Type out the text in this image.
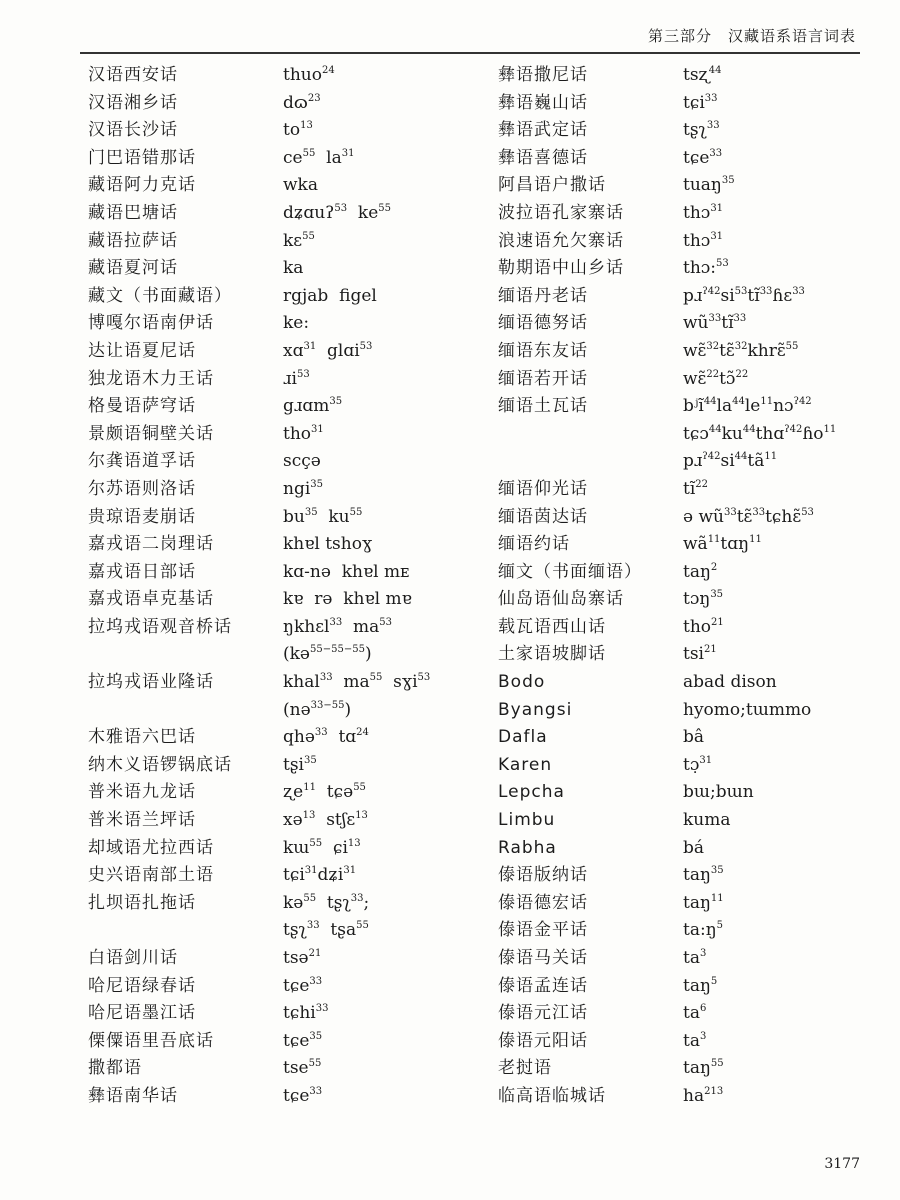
第三部分　汉藏语系语言词表
汉语西安话
汉语湘乡话
汉语长沙话
门巴语错那话
藏语阿力克话
藏语巴塘话
藏语拉萨话
藏语夏河话
藏文（书面藏语）
博嘎尔语南伊话
达让语夏尼话
独龙语木力王话
格曼语萨穹话
景颇语铜壁关话
尔龚语道孚话
尔苏语则洛话
贵琼语麦崩话
嘉戎语二岗理话
嘉戎语日部话
嘉戎语卓克基话
拉坞戎语观音桥话
拉坞戎语业隆话
木雅语六巴话
纳木义语锣锅底话
普米语九龙话
普米语兰坪话
却域语尤拉西话
史兴语南部土语
扎坝语扎拖话
白语剑川话
哈尼语绿春话
哈尼语墨江话
傈僳语里吾底话
撒都语
彝语南华话
thuo$^{24}$
dɷ$^{23}$
$to^{13}$
$ce^{55}$  $la^{31}$
wka
dʑɑuʔ$^{53}$  $ke^{55}$
kɛ$^{55}$
ka
rgjab  figel
ke:
xɑ$^{31}$  glɑi$^{53}$
ɹi$^{53}$
gɹɑm$^{35}$
tho$^{31}$
scçə
ngi$^{35}$
$bu^{35}$  $ku^{55}$
khɐl tshoɣ
kɑ-nə  khɐl mᴇ
kɐ  rə  khɐl mɐ
ŋkhɛl$^{33}$  $ma^{53}$
(kə$^{55-55-55}$)
khal$^{33}$  $ma^{55}$  sɣi$^{53}$
(nə$^{33-55}$)
qhə$^{33}$  tɑ$^{24}$
tʂi$^{35}$
ʐe$^{11}$  tɕə$^{55}$
xə$^{13}$  stʃɛ$^{13}$
kɯ$^{55}$  ɕi$^{13}$
tɕi$^{31}$dʑi$^{31}$
kə$^{55}$  tʂʅ$^{33}$;
tʂʅ$^{33}$  tʂa$^{55}$
tsə$^{21}$
tɕe$^{33}$
tɕhi$^{33}$
tɕe$^{35}$
tse$^{55}$
tɕe$^{33}$
彝语撒尼话
彝语巍山话
彝语武定话
彝语喜德话
阿昌语户撒话
波拉语孔家寨话
浪速语允欠寨话
勒期语中山乡话
缅语丹老话
缅语德努话
缅语东友话
缅语若开话
缅语土瓦话
缅语仰光话
缅语茵达话
缅语约话
缅文（书面缅语）
仙岛语仙岛寨话
载瓦语西山话
土家语坡脚话
Bodo
Byangsi
Dafla
Karen
Lepcha
Limbu
Rabha
傣语版纳话
傣语德宏话
傣语金平话
傣语马关话
傣语孟连话
傣语元江话
傣语元阳话
老挝语
临高语临城话
tsʐ$^{44}$
tɕi$^{33}$
tʂʅ$^{33}$
tɕe$^{33}$
tuaŋ$^{35}$
thɔ$^{31}$
thɔ$^{31}$
thɔ:$^{53}$
$pɹ^{ʔ42}si^{53}tɪ̃^{33}ɦɛ^{33}$
$wũ^{33}tɪ̃^{33}$
wɛ̃$^{32}$tɛ̃$^{32}$khrɛ̃$^{55}$
wɛ̃$^{22}$tɔ̃$^{22}$
$bʲĩ^{44}la^{44}le^{11}nɔ^{ʔ42}$
$tɕɔ^{44}ku^{44}thɑ^{ʔ42}ɦo^{11}$
$pɹ^{ʔ42}si^{44}tã^{11}$
$tĩ^{22}$
ə $wũ^{33}tɛ̃^{33}tɕhɛ̃^{53}$
$wã^{11}tɑŋ^{11}$
taŋ$^2$
tɔŋ$^{35}$
tho$^{21}$
tsi$^{21}$
abad dison
hyomo;tɯmmo
bâ
tɔ̣$^{31}$
bɯ;bɯn
kuma
bá
taŋ$^{35}$
taŋ$^{11}$
$ta:ŋ^5$
$ta^3$
taŋ$^5$
$ta^6$
$ta^3$
taŋ$^{55}$
$ha^{213}$
3177
